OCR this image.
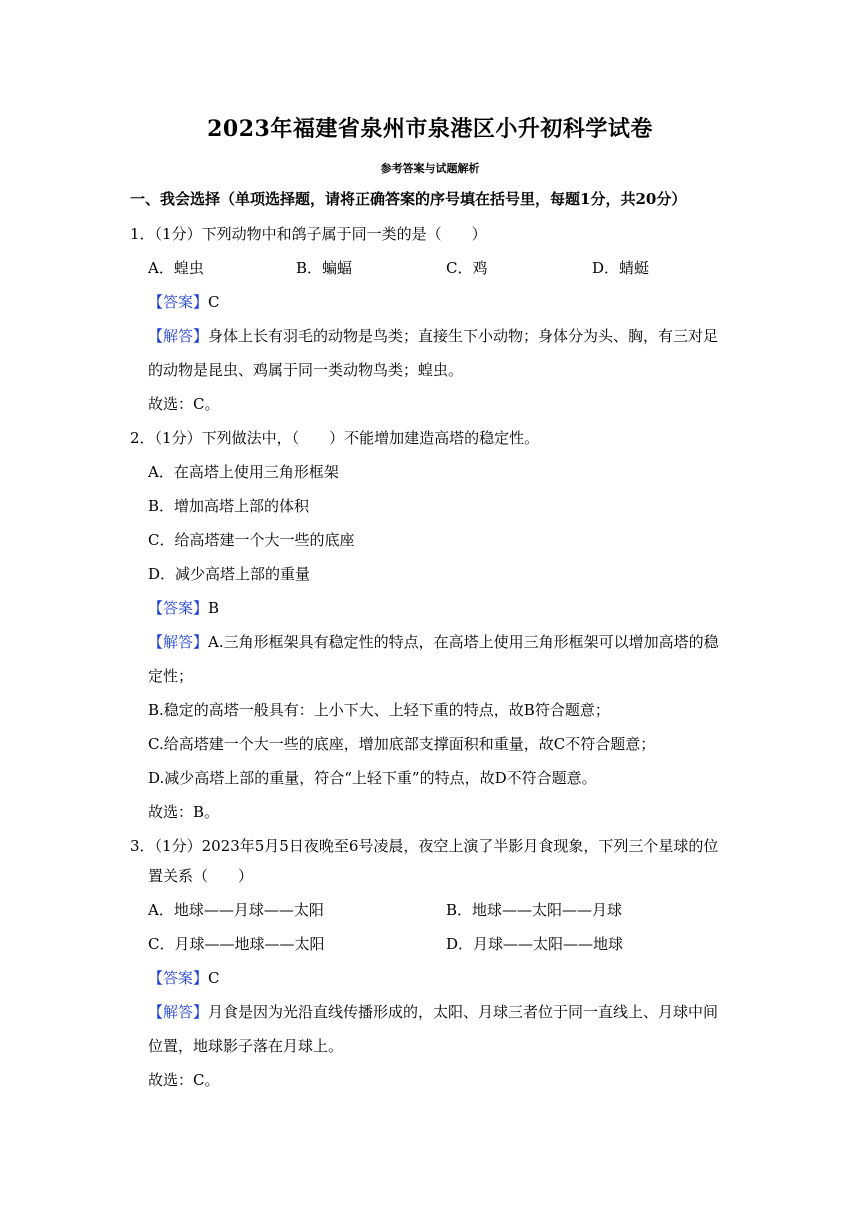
2023年福建省泉州市泉港区小升初科学试卷
参考答案与试题解析
一、我会选择（单项选择题，请将正确答案的序号填在括号里，每题1分，共20分）
1．（1分）下列动物中和鸽子属于同一类的是（　　）
A．蝗虫	B．蝙蝠	C．鸡	D．蜻蜓
【答案】C
【解答】身体上长有羽毛的动物是鸟类；直接生下小动物；身体分为头、胸，有三对足
的动物是昆虫、鸡属于同一类动物鸟类；蝗虫。
故选：C。
2．（1分）下列做法中，（　　）不能增加建造高塔的稳定性。
A．在高塔上使用三角形框架
B．增加高塔上部的体积
C．给高塔建一个大一些的底座
D．减少高塔上部的重量
【答案】B
【解答】A.三角形框架具有稳定性的特点，在高塔上使用三角形框架可以增加高塔的稳
定性；
B.稳定的高塔一般具有：上小下大、上轻下重的特点，故B符合题意；
C.给高塔建一个大一些的底座，增加底部支撑面积和重量，故C不符合题意；
D.减少高塔上部的重量，符合“上轻下重”的特点，故D不符合题意。
故选：B。
3．（1分）2023年5月5日夜晚至6号凌晨，夜空上演了半影月食现象，下列三个星球的位
置关系（　　）
A．地球——月球——太阳	B．地球——太阳——月球
C．月球——地球——太阳	D．月球——太阳——地球
【答案】C
【解答】月食是因为光沿直线传播形成的，太阳、月球三者位于同一直线上、月球中间
位置，地球影子落在月球上。
故选：C。
